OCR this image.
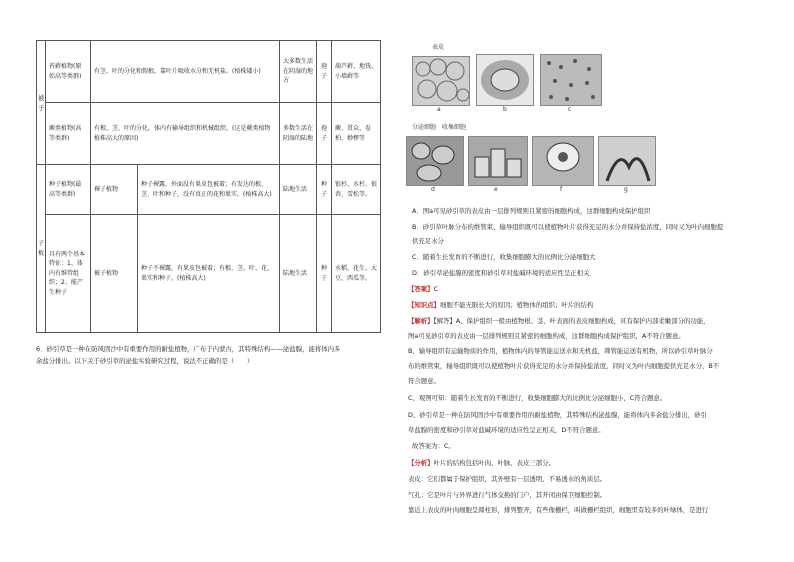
被子	苔藓植物(原始高等类群)	有茎、叶的分化和假根，靠叶片吸收水分和无机盐。(植株矮小)		大多数生活在阴湿的地方	孢子	葫芦藓、地钱、小墙藓等
	蕨类植物(高等类群)	有根、茎、叶的分化，体内有输导组织和机械组织。(这是蕨类植物植株高大的原因)		多数生活在阴湿的陆地	孢子	蕨、贯众、卷柏、桫椤等

子植	种子植物(最高等类群)	裸子植物	种子裸露，外面没有果皮包被着；有发达的根、茎、叶和种子，没有真正的花和果实。(植株高大)	陆地生活	种子	银杉、水杉、银杏、雪松等。
	具有两个基本特征：1、体内有维管组织；2、能产生种子	被子植物	种子不裸露，有果皮包被着；有根、茎、叶、花、果实和种子。(植株高大)	陆地生活	种子	水稻、花生、大豆、西瓜等。
6．砂引草是一种在防风固沙中有重要作用的耐盐植物，广布于内蒙古，其特殊结构——泌盐腺，能将体内多
余盐分排出。以下关于砂引草的泌盐实验研究过程，说法不正确的是（　　）
表皮
a	b	c
分泌细胞　收集细胞
d	e	f	g
A．图a可见砂引草的表皮由一层排列规则且紧密的细胞构成，这群细胞构成保护组织
B．砂引草叶脉分布的维管束、输导组织既可以使植物叶片获得充足的水分并保持盐浓度，同时又为叶内细胞提
供充足水分
C．随着生长发育的不断进行，收集细胞膨大的比例比分泌细胞大
D．砂引草泌盐腺的密度和砂引草对盐碱环境的适应性呈正相关
【答案】C
【知识点】细胞不能无限长大的原因；植物体的组织；叶片的结构
【解析】【解答】A、保护组织一般由植物根、茎、叶表面的表皮细胞构成，具有保护内部柔嫩部分的功能，
图a可见砂引草的表皮由一层排列规则且紧密的细胞构成，这群细胞构成保护组织，A不符合题意。
B、输导组织有运输物质的作用，植物体内的导管能运送水和无机盐，筛管能运送有机物，所以砂引草叶脉分
布的维管束，输导组织既可以使植物叶片获得充足的水分并保持盐浓度，同时又为叶内细胞提供充足水分，B不
符合题意。
C、观图可知：随着生长发育的不断进行，收集细胞膨大的比例比分泌细胞小，C符合题意。
D、砂引草是一种在防风固沙中有重要作用的耐盐植物，其特殊结构泌盐腺，能将体内多余盐分排出，砂引
草盐腺的密度和砂引草对盐碱环境的适应性呈正相关，D不符合题意。
故答案为：C。
【分析】叶片的结构包括叶肉、叶脉、表皮三部分。
表皮：它们都属于保护组织，其外壁有一层透明、不易透水的角质层。
气孔：它是叶片与外界进行气体交换的门户，其开闭由保卫细胞控制。
靠近上表皮的叶肉细胞呈圆柱形，排列整齐，有些像栅栏，叫做栅栏组织，细胞里有较多的叶绿体，是进行
